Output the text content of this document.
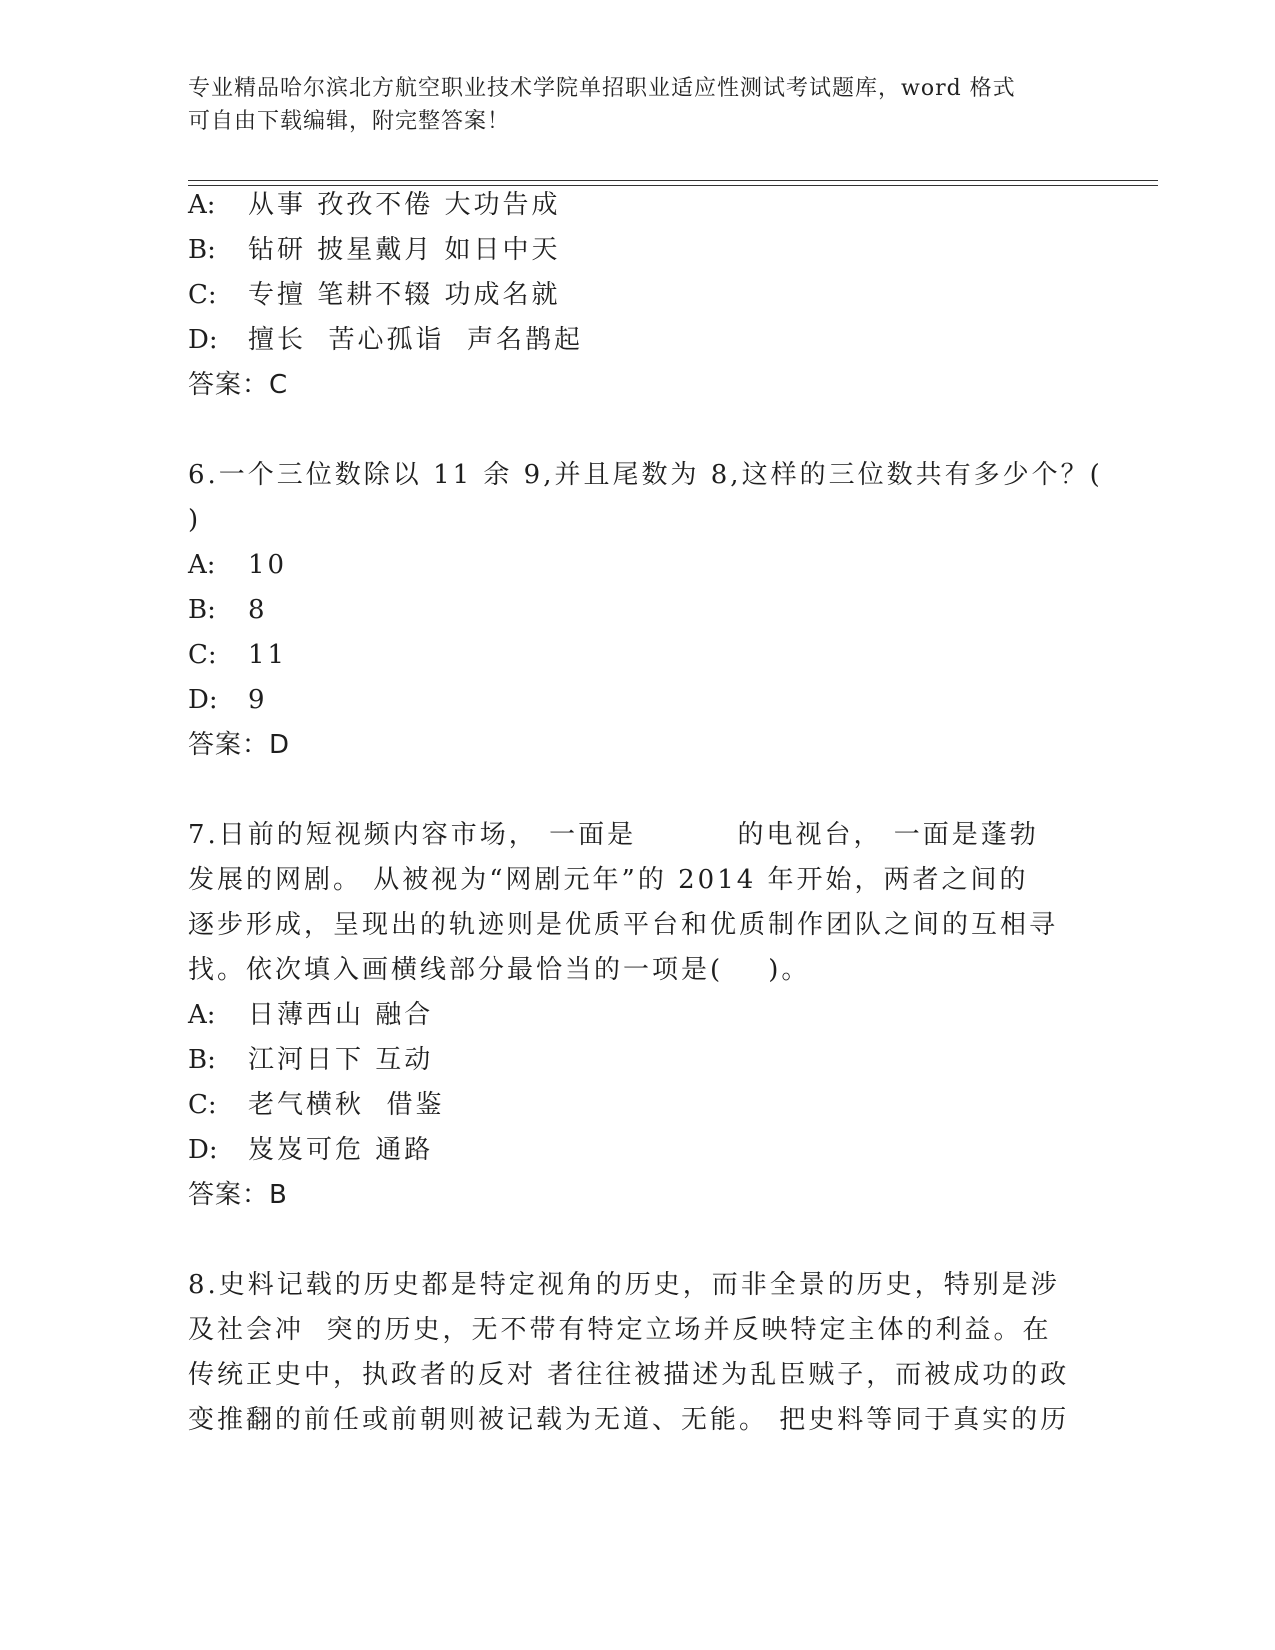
专业精品哈尔滨北方航空职业技术学院单招职业适应性测试考试题库，word 格式
可自由下载编辑，附完整答案！
A: 从事 孜孜不倦 大功告成
B: 钻研 披星戴月 如日中天
C: 专擅 笔耕不辍 功成名就
D: 擅长  苦心孤诣  声名鹊起
答案：C
6.一个三位数除以 11 余 9,并且尾数为 8,这样的三位数共有多少个？(
)
A: 10
B: 8
C: 11
D: 9
答案：D
7.日前的短视频内容市场， 一面是         的电视台， 一面是蓬勃
发展的网剧。 从被视为“网剧元年”的 2014 年开始，两者之间的
逐步形成，呈现出的轨迹则是优质平台和优质制作团队之间的互相寻
找。依次填入画横线部分最恰当的一项是(    )。
A: 日薄西山 融合
B: 江河日下 互动
C: 老气横秋  借鉴
D: 岌岌可危 通路
答案：B
8.史料记载的历史都是特定视角的历史，而非全景的历史，特别是涉
及社会冲  突的历史，无不带有特定立场并反映特定主体的利益。在
传统正史中，执政者的反对 者往往被描述为乱臣贼子，而被成功的政
变推翻的前任或前朝则被记载为无道、无能。 把史料等同于真实的历
